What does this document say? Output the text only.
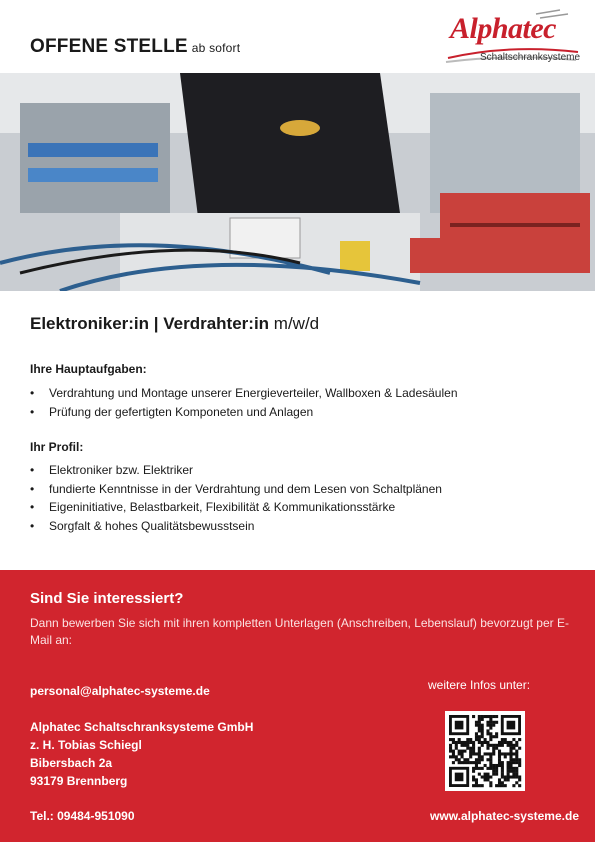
OFFENE STELLE ab sofort
Alphatec
Schaltschranksysteme
Elektroniker:in | Verdrahter:in m/w/d
Ihre Hauptaufgaben:
• Verdrahtung und Montage unserer Energieverteiler, Wallboxen & Ladesäulen
• Prüfung der gefertigten Komponeten und Anlagen
Ihr Profil:
• Elektroniker bzw. Elektriker
• fundierte Kenntnisse in der Verdrahtung und dem Lesen von Schaltplänen
• Eigeninitiative, Belastbarkeit, Flexibilität & Kommunikationsstärke
• Sorgfalt & hohes Qualitätsbewusstsein
Sind Sie interessiert?
Dann bewerben Sie sich mit ihren kompletten Unterlagen (Anschreiben, Lebenslauf) bevorzugt per E-Mail an:
personal@alphatec-systeme.de
Alphatec Schaltschranksysteme GmbH
z. H. Tobias Schiegl
Bibersbach 2a
93179 Brennberg
Tel.: 09484-951090
weitere Infos unter:
www.alphatec-systeme.de
